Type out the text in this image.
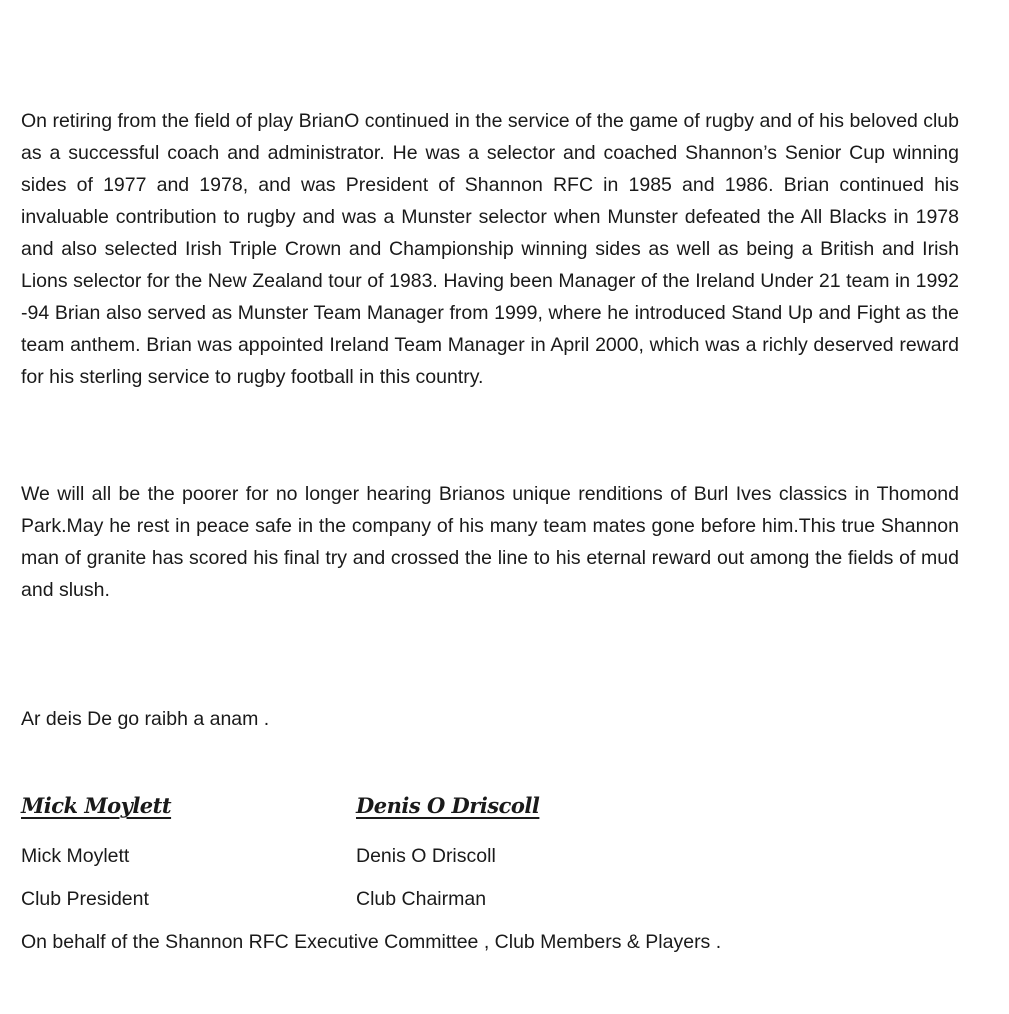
On retiring from the field of play BrianO continued in the service of the game of rugby and of his beloved club as a successful coach and administrator. He was a selector and coached Shannon’s Senior Cup winning sides of 1977 and 1978, and was President of Shannon RFC in 1985 and 1986. Brian continued his invaluable contribution to rugby and was a Munster selector when Munster defeated the All Blacks in 1978 and also selected Irish Triple Crown and Championship winning sides as well as being a British and Irish Lions selector for the New Zealand tour of 1983. Having been Manager of the Ireland Under 21 team in 1992 -94 Brian also served as Munster Team Manager from 1999, where he introduced Stand Up and Fight as the team anthem. Brian was appointed Ireland Team Manager in April 2000, which was a richly deserved reward for his sterling service to rugby football in this country.

We will all be the poorer for no longer hearing Brianos unique renditions of Burl Ives classics in Thomond Park.May he rest in peace safe in the company of his many team mates gone before him.This true Shannon man of granite has scored his final try and crossed the line to his eternal reward out among the fields of mud and slush.

Ar deis De go raibh a anam .

Mick Moylett	Denis O Driscoll

Mick Moylett	Denis O Driscoll

Club President	Club Chairman

On behalf of the Shannon RFC Executive Committee , Club Members & Players .
